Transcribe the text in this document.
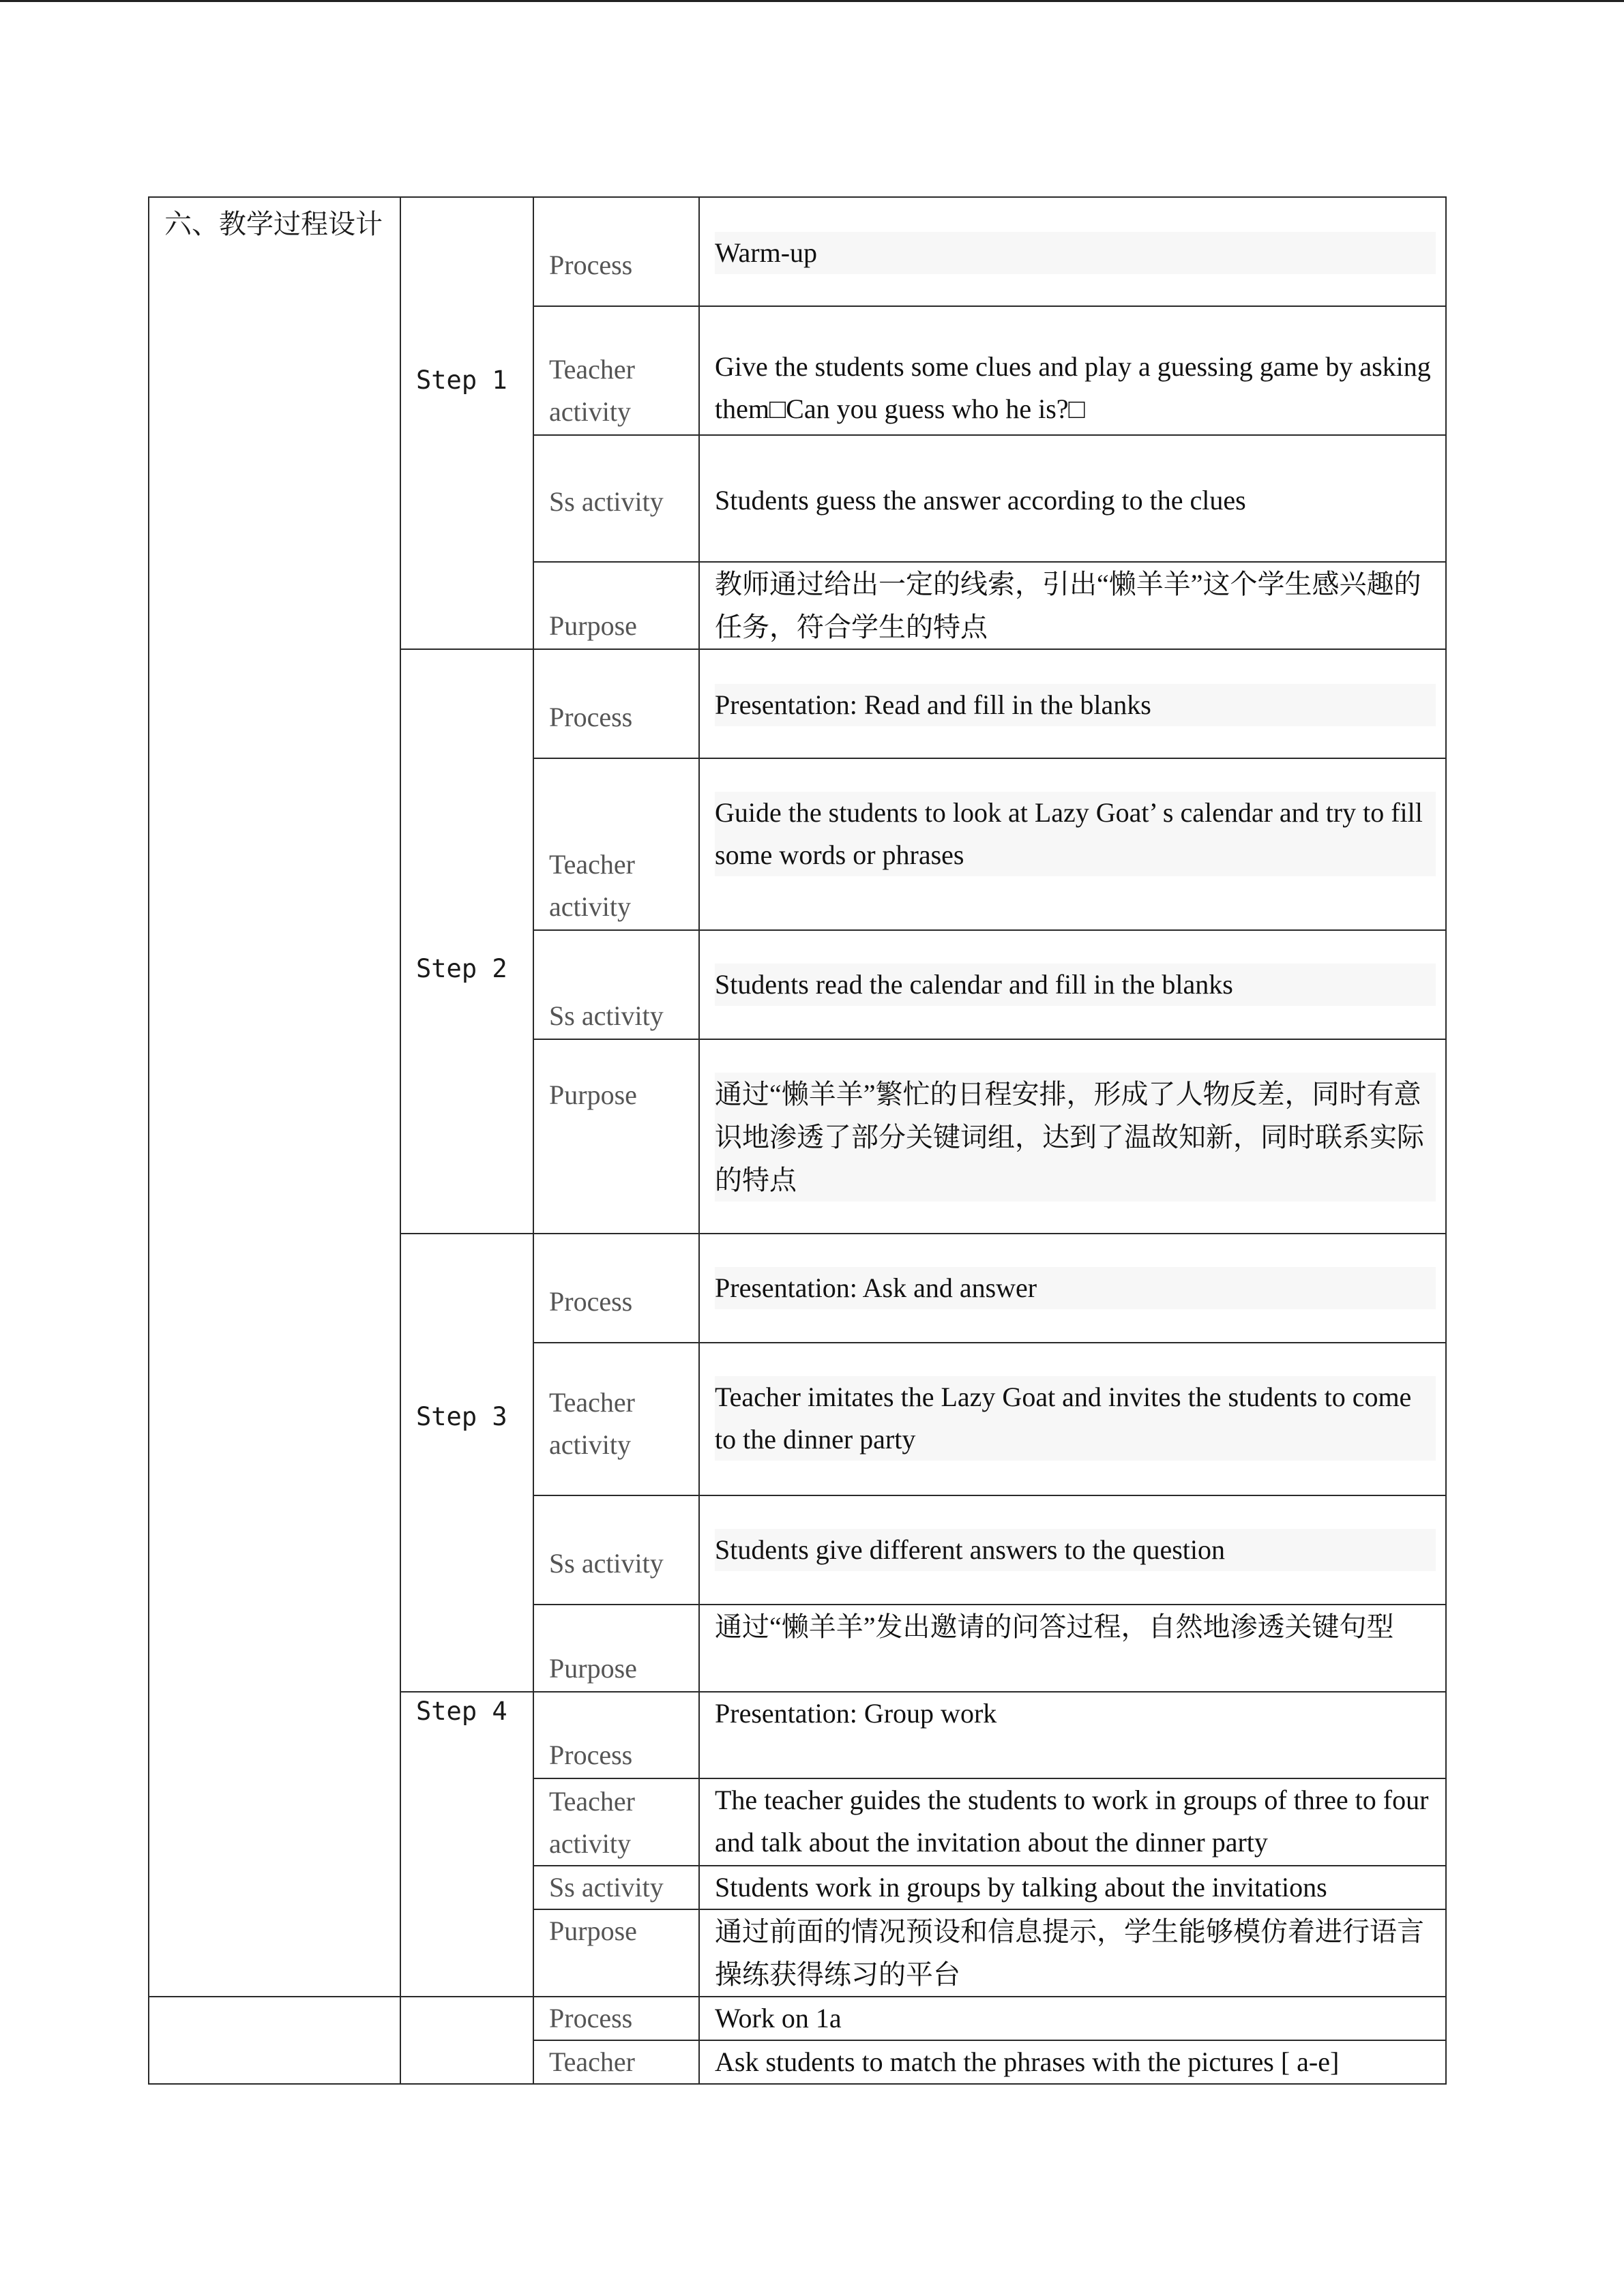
六、教学过程设计	Step 1	Process	Warm-up

		Teacher activity	Give the students some clues and play a guessing game by asking them□Can you guess who he is?□

		Ss activity	Students guess the answer according to the clues

		Purpose	教师通过给出一定的线索，引出“懒羊羊”这个学生感兴趣的任务，符合学生的特点

	Step 2	Process	Presentation: Read and fill in the blanks

		Teacher activity	Guide the students to look at Lazy Goat’ s calendar and try to fill some words or phrases

		Ss activity	Students read the calendar and fill in the blanks

		Purpose	通过“懒羊羊”繁忙的日程安排，形成了人物反差，同时有意识地渗透了部分关键词组，达到了温故知新，同时联系实际的特点

	Step 3	Process	Presentation: Ask and answer

		Teacher activity	Teacher imitates the Lazy Goat and invites the students to come to the dinner party

		Ss activity	Students give different answers to the question

		Purpose	通过“懒羊羊”发出邀请的问答过程，自然地渗透关键句型

	Step 4	Process	Presentation: Group work

		Teacher activity	The teacher guides the students to work in groups of three to four and talk about the invitation about the dinner party

		Ss activity	Students work in groups by talking about the invitations

		Purpose	通过前面的情况预设和信息提示，学生能够模仿着进行语言操练获得练习的平台

		Process	Work on 1a

		Teacher	Ask students to match the phrases with the pictures [ a-e]
